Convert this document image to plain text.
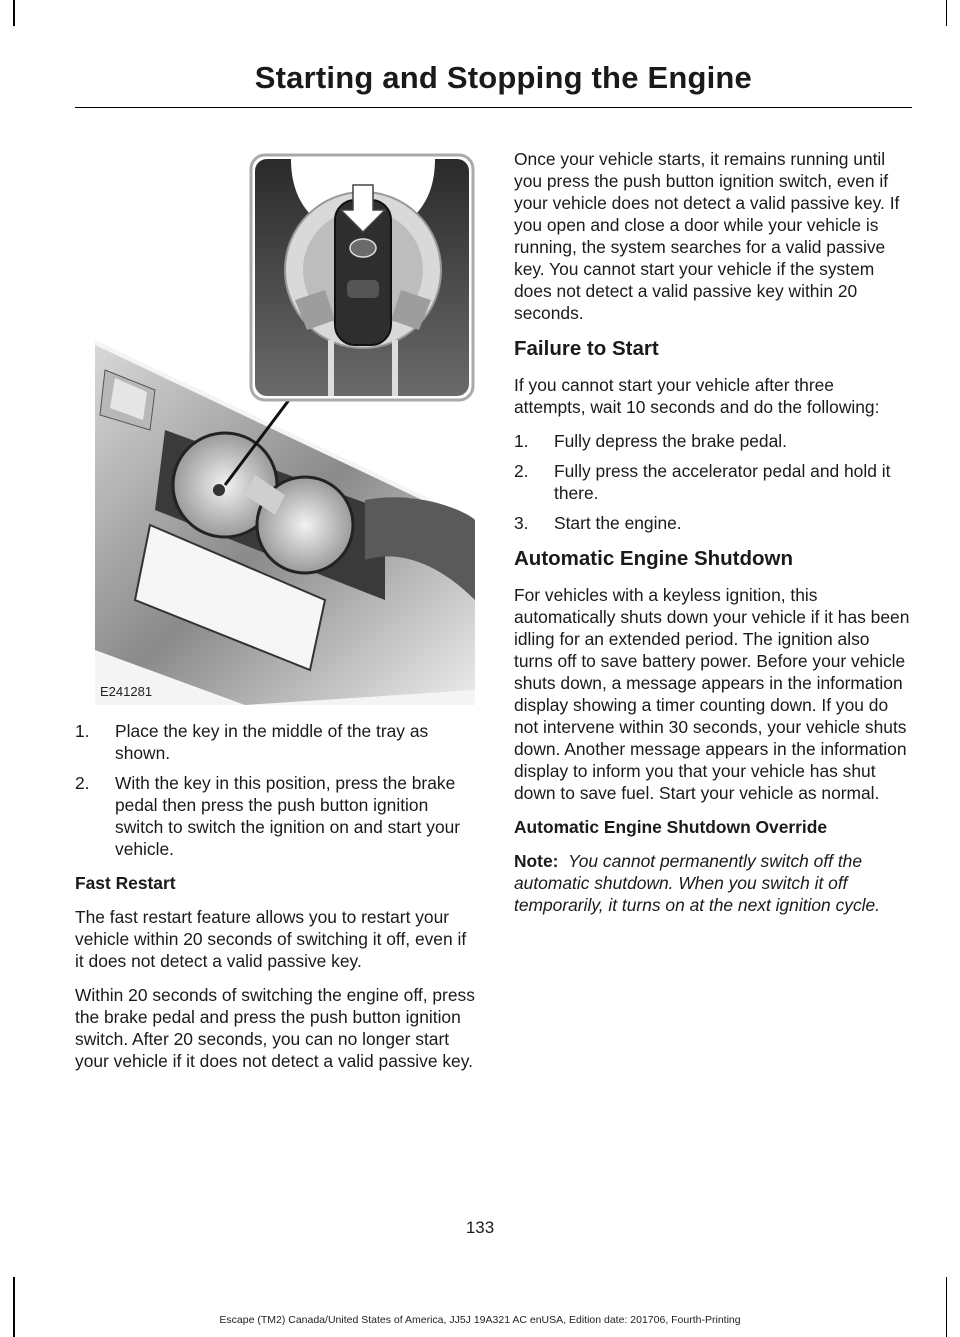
Starting and Stopping the Engine
E241281
1. Place the key in the middle of the tray as shown.
2. With the key in this position, press the brake pedal then press the push button ignition switch to switch the ignition on and start your vehicle.
Fast Restart

The fast restart feature allows you to restart your vehicle within 20 seconds of switching it off, even if it does not detect a valid passive key.

Within 20 seconds of switching the engine off, press the brake pedal and press the push button ignition switch. After 20 seconds, you can no longer start your vehicle if it does not detect a valid passive key.

Once your vehicle starts, it remains running until you press the push button ignition switch, even if your vehicle does not detect a valid passive key. If you open and close a door while your vehicle is running, the system searches for a valid passive key. You cannot start your vehicle if the system does not detect a valid passive key within 20 seconds.

Failure to Start

If you cannot start your vehicle after three attempts, wait 10 seconds and do the following:

1. Fully depress the brake pedal.
2. Fully press the accelerator pedal and hold it there.
3. Start the engine.
Automatic Engine Shutdown

For vehicles with a keyless ignition, this automatically shuts down your vehicle if it has been idling for an extended period. The ignition also turns off to save battery power. Before your vehicle shuts down, a message appears in the information display showing a timer counting down. If you do not intervene within 30 seconds, your vehicle shuts down. Another message appears in the information display to inform you that your vehicle has shut down to save fuel. Start your vehicle as normal.

Automatic Engine Shutdown Override

Note: You cannot permanently switch off the automatic shutdown. When you switch it off temporarily, it turns on at the next ignition cycle.

133
Escape (TM2) Canada/United States of America, JJ5J 19A321 AC enUSA, Edition date: 201706, Fourth-Printing
